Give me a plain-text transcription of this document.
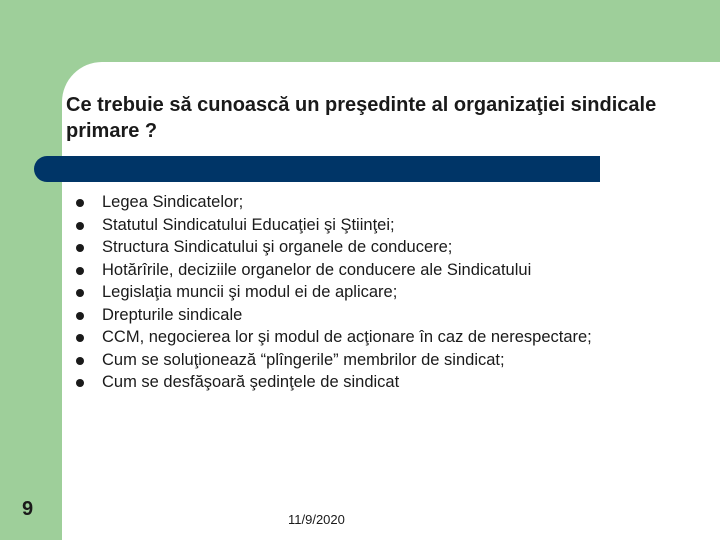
Ce trebuie să cunoască un preşedinte al organizaţiei sindicale primare ?
Legea Sindicatelor;
Statutul Sindicatului Educaţiei şi Ştiinţei;
Structura Sindicatului şi organele de conducere;
Hotărîrile, deciziile organelor de conducere ale Sindicatului
Legislaţia muncii şi modul ei de aplicare;
Drepturile sindicale
CCM, negocierea lor şi modul de acţionare în caz de nerespectare;
Cum se soluţionează “plîngerile” membrilor de sindicat;
Cum se desfăşoară şedinţele de sindicat
9	11/9/2020
